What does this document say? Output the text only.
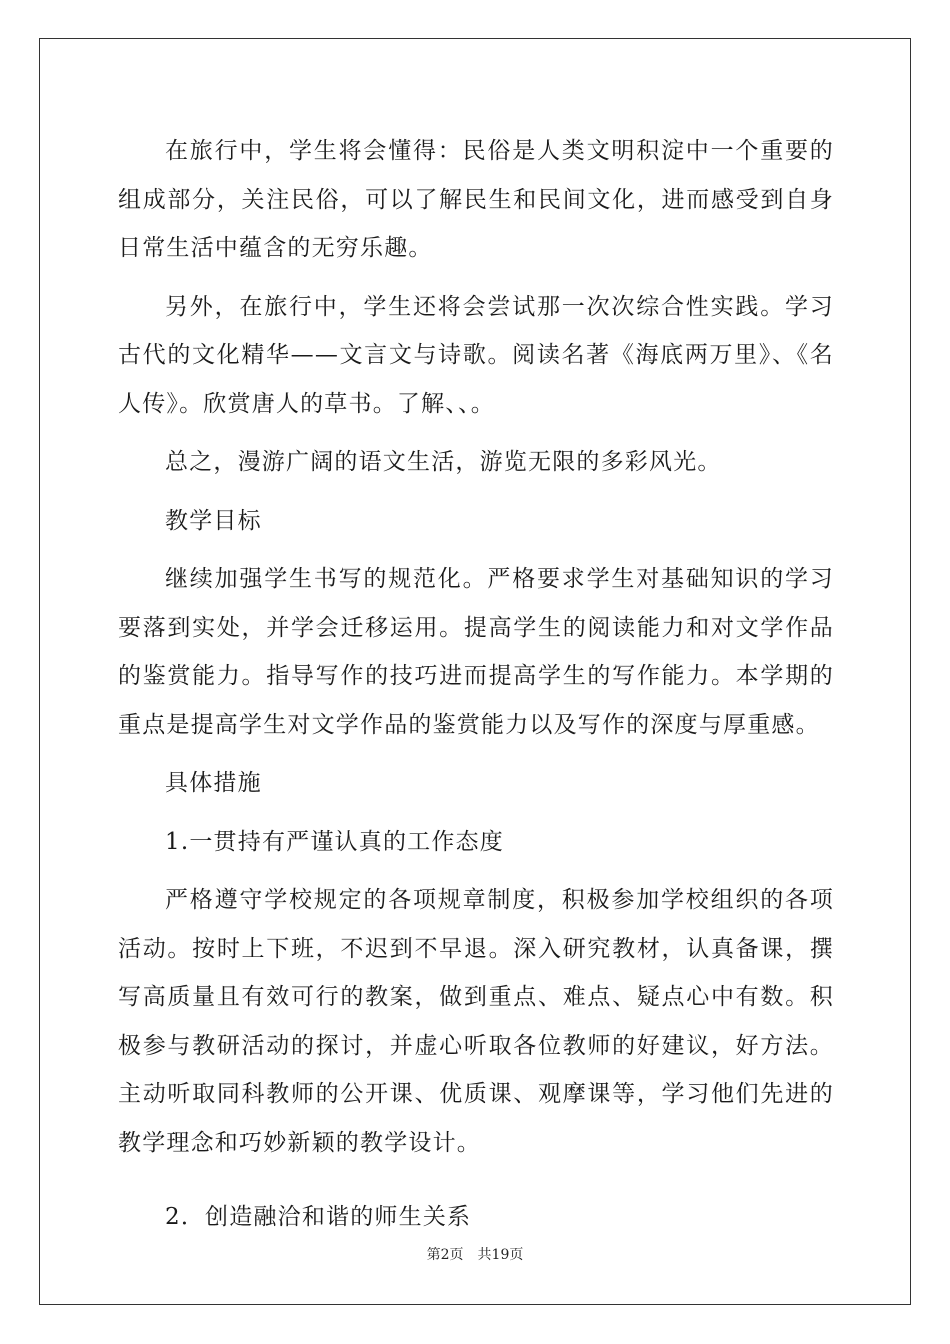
在旅行中，学生将会懂得：民俗是人类文明积淀中一个重要的组成部分，关注民俗，可以了解民生和民间文化，进而感受到自身日常生活中蕴含的无穷乐趣。

另外，在旅行中，学生还将会尝试那一次次综合性实践。学习古代的文化精华——文言文与诗歌。阅读名著《海底两万里》、《名人传》。欣赏唐人的草书。了解、、。

总之，漫游广阔的语文生活，游览无限的多彩风光。

教学目标

继续加强学生书写的规范化。严格要求学生对基础知识的学习要落到实处，并学会迁移运用。提高学生的阅读能力和对文学作品的鉴赏能力。指导写作的技巧进而提高学生的写作能力。本学期的重点是提高学生对文学作品的鉴赏能力以及写作的深度与厚重感。

具体措施

1.一贯持有严谨认真的工作态度

严格遵守学校规定的各项规章制度，积极参加学校组织的各项活动。按时上下班，不迟到不早退。深入研究教材，认真备课，撰写高质量且有效可行的教案，做到重点、难点、疑点心中有数。积极参与教研活动的探讨，并虚心听取各位教师的好建议，好方法。主动听取同科教师的公开课、优质课、观摩课等，学习他们先进的教学理念和巧妙新颖的教学设计。

2．创造融洽和谐的师生关系

第2页 共19页
